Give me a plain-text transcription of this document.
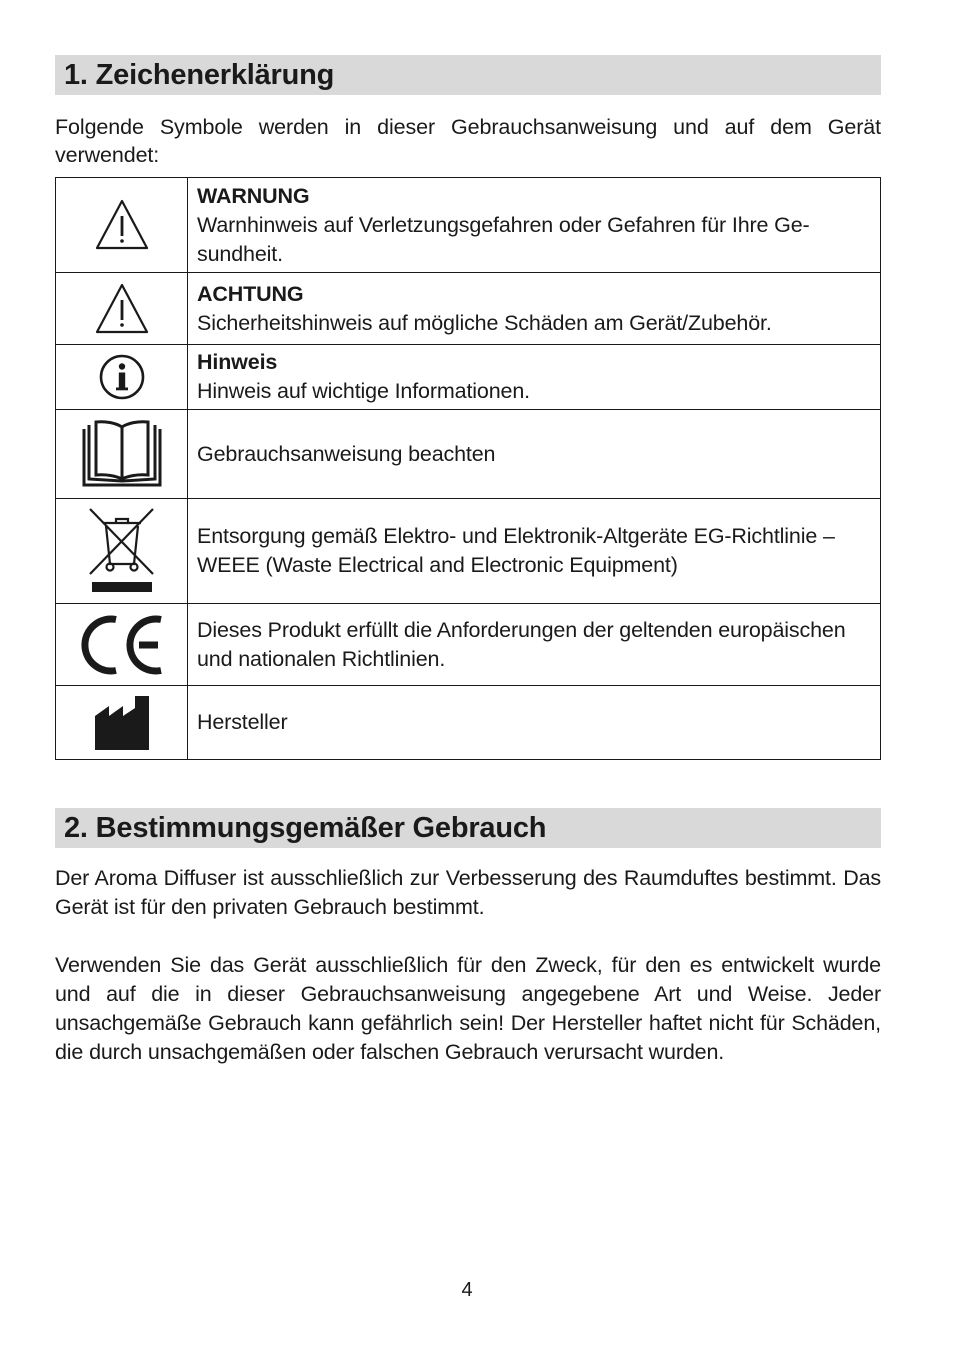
1. Zeichenerklärung

Folgende Symbole werden in dieser Gebrauchsanweisung und auf dem Gerät verwendet:

WARNUNG
Warnhinweis auf Verletzungsgefahren oder Gefahren für Ihre Gesundheit.

ACHTUNG
Sicherheitshinweis auf mögliche Schäden am Gerät/Zubehör.

Hinweis
Hinweis auf wichtige Informationen.

Gebrauchsanweisung beachten

Entsorgung gemäß Elektro- und Elektronik-Altgeräte EG-Richtlinie – WEEE (Waste Electrical and Electronic Equipment)

Dieses Produkt erfüllt die Anforderungen der geltenden europäischen und nationalen Richtlinien.

Hersteller
2. Bestimmungsgemäßer Gebrauch

Der Aroma Diffuser ist ausschließlich zur Verbesserung des Raumduftes bestimmt. Das Gerät ist für den privaten Gebrauch bestimmt.

Verwenden Sie das Gerät ausschließlich für den Zweck, für den es entwickelt wurde und auf die in dieser Gebrauchsanweisung angegebene Art und Weise. Jeder unsachgemäße Gebrauch kann gefährlich sein! Der Hersteller haftet nicht für Schäden, die durch unsachgemäßen oder falschen Gebrauch verursacht wurden.

4
